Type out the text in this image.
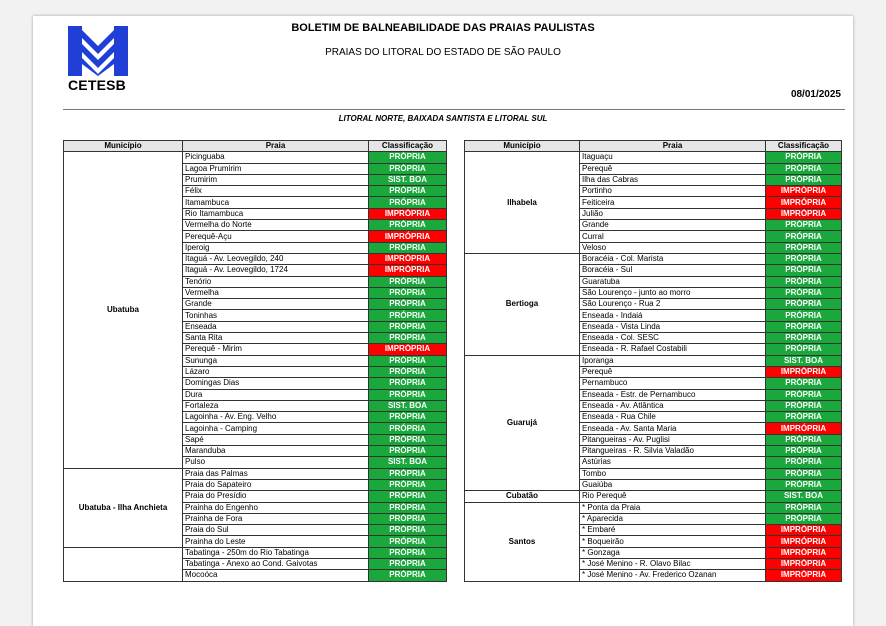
CETESB
BOLETIM DE BALNEABILIDADE DAS PRAIAS PAULISTAS
PRAIAS DO LITORAL DO ESTADO DE SÃO PAULO
08/01/2025
LITORAL NORTE, BAIXADA SANTISTA E LITORAL SUL
Município	Praia	Classificação
Ubatuba	Picinguaba	PRÓPRIA
	Lagoa Prumirim	PRÓPRIA
	Prumirim	SIST. BOA
	Félix	PRÓPRIA
	Itamambuca	PRÓPRIA
	Rio Itamambuca	IMPRÓPRIA
	Vermelha do Norte	PRÓPRIA
	Perequê-Açu	IMPRÓPRIA
	Iperoig	PRÓPRIA
	Itaguá - Av. Leovegildo, 240	IMPRÓPRIA
	Itaguá - Av. Leovegildo, 1724	IMPRÓPRIA
	Tenório	PRÓPRIA
	Vermelha	PRÓPRIA
	Grande	PRÓPRIA
	Toninhas	PRÓPRIA
	Enseada	PRÓPRIA
	Santa Rita	PRÓPRIA
	Perequê - Mirim	IMPRÓPRIA
	Sununga	PRÓPRIA
	Lázaro	PRÓPRIA
	Domingas Dias	PRÓPRIA
	Dura	PRÓPRIA
	Fortaleza	SIST. BOA
	Lagoinha - Av. Eng. Velho	PRÓPRIA
	Lagoinha - Camping	PRÓPRIA
	Sapé	PRÓPRIA
	Maranduba	PRÓPRIA
	Pulso	SIST. BOA
Ubatuba - Ilha Anchieta	Praia das Palmas	PRÓPRIA
	Praia do Sapateiro	PRÓPRIA
	Praia do Presídio	PRÓPRIA
	Prainha do Engenho	PRÓPRIA
	Prainha de Fora	PRÓPRIA
	Praia do Sul	PRÓPRIA
	Prainha do Leste	PRÓPRIA
	Tabatinga - 250m do Rio Tabatinga	PRÓPRIA
	Tabatinga - Anexo ao Cond. Gaivotas	PRÓPRIA
	Mocoóca	PRÓPRIA
Município	Praia	Classificação
Ilhabela	Itaguaçu	PRÓPRIA
	Perequê	PRÓPRIA
	Ilha das Cabras	PRÓPRIA
	Portinho	IMPRÓPRIA
	Feiticeira	IMPRÓPRIA
	Julião	IMPRÓPRIA
	Grande	PRÓPRIA
	Curral	PRÓPRIA
	Veloso	PRÓPRIA
Bertioga	Boracéia - Col. Marista	PRÓPRIA
	Boracéia - Sul	PRÓPRIA
	Guaratuba	PRÓPRIA
	São Lourenço - junto ao morro	PRÓPRIA
	São Lourenço - Rua 2	PRÓPRIA
	Enseada - Indaiá	PRÓPRIA
	Enseada - Vista Linda	PRÓPRIA
	Enseada - Col. SESC	PRÓPRIA
	Enseada - R. Rafael Costabili	PRÓPRIA
Guarujá	Iporanga	SIST. BOA
	Perequê	IMPRÓPRIA
	Pernambuco	PRÓPRIA
	Enseada - Estr. de Pernambuco	PRÓPRIA
	Enseada - Av. Atlântica	PRÓPRIA
	Enseada - Rua Chile	PRÓPRIA
	Enseada - Av. Santa Maria	IMPRÓPRIA
	Pitangueiras - Av. Puglisi	PRÓPRIA
	Pitangueiras - R. Silvia Valadão	PRÓPRIA
	Astúrias	PRÓPRIA
	Tombo	PRÓPRIA
	Guaiúba	PRÓPRIA
Cubatão	Rio Perequê	SIST. BOA
Santos	* Ponta da Praia	PRÓPRIA
	* Aparecida	PRÓPRIA
	* Embaré	IMPRÓPRIA
	* Boqueirão	IMPRÓPRIA
	* Gonzaga	IMPRÓPRIA
	* José Menino - R. Olavo Bilac	IMPRÓPRIA
	* José Menino - Av. Frederico Ozanan	IMPRÓPRIA
